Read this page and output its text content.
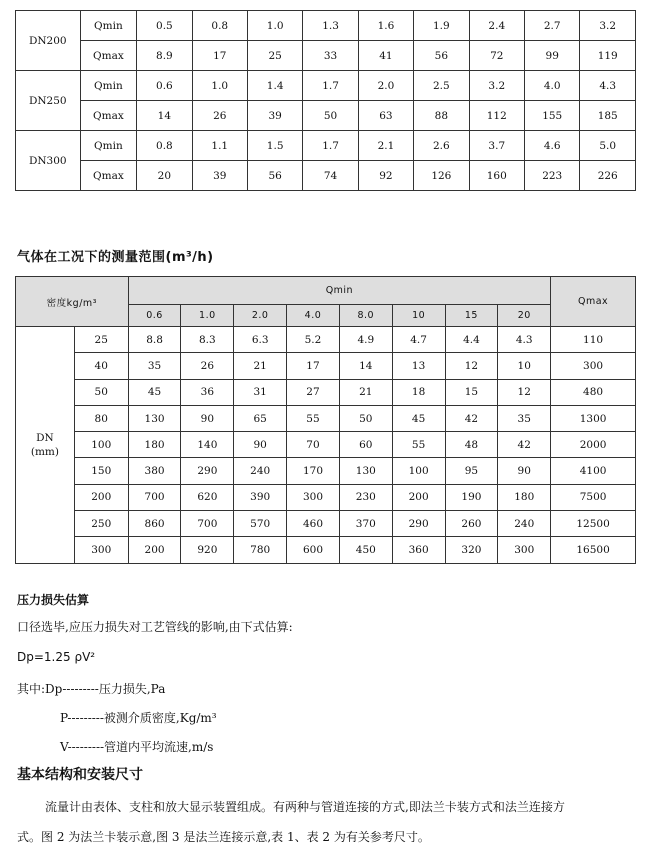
DN200	Qmin	0.5	0.8	1.0	1.3	1.6	1.9	2.4	2.7	3.2
	Qmax	8.9	17	25	33	41	56	72	99	119
DN250	Qmin	0.6	1.0	1.4	1.7	2.0	2.5	3.2	4.0	4.3
	Qmax	14	26	39	50	63	88	112	155	185
DN300	Qmin	0.8	1.1	1.5	1.7	2.1	2.6	3.7	4.6	5.0
	Qmax	20	39	56	74	92	126	160	223	226
气体在工况下的测量范围(m³/h)
密度kg/m³		Qmin								Qmax
		0.6	1.0	2.0	4.0	8.0	10	15	20	

DN
(mm)	25	8.8	8.3	6.3	5.2	4.9	4.7	4.4	4.3	110
	40	35	26	21	17	14	13	12	10	300
	50	45	36	31	27	21	18	15	12	480
	80	130	90	65	55	50	45	42	35	1300
	100	180	140	90	70	60	55	48	42	2000
	150	380	290	240	170	130	100	95	90	4100
	200	700	620	390	300	230	200	190	180	7500
	250	860	700	570	460	370	290	260	240	12500
	300	200	920	780	600	450	360	320	300	16500
压力损失估算
口径选毕,应压力损失对工艺管线的影响,由下式估算:
Dp=1.25 ρV²
其中:Dp---------压力损失,Pa
P---------被测介质密度,Kg/m³
V---------管道内平均流速,m/s
基本结构和安装尺寸
流量计由表体、支柱和放大显示装置组成。有两种与管道连接的方式,即法兰卡装方式和法兰连接方
式。图 2 为法兰卡装示意,图 3 是法兰连接示意,表 1、表 2 为有关参考尺寸。
